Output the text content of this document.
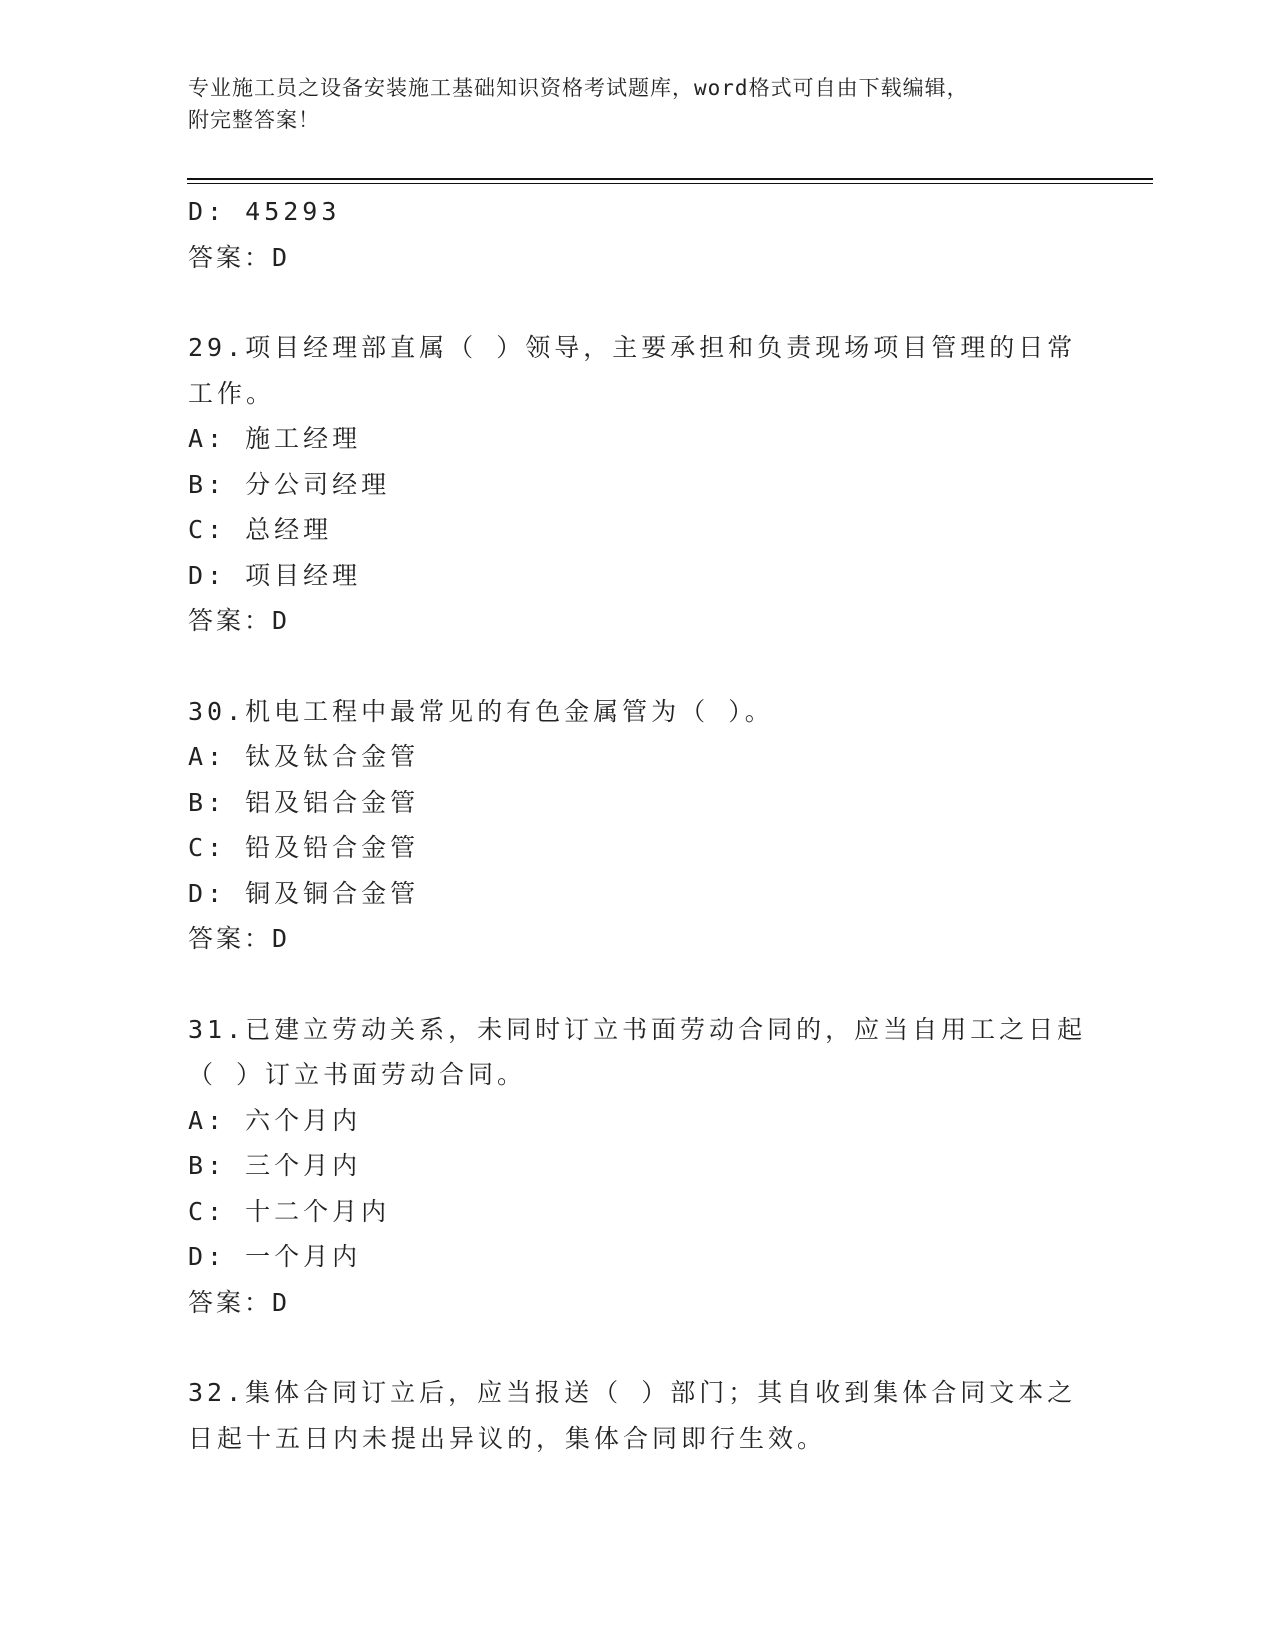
专业施工员之设备安装施工基础知识资格考试题库，word格式可自由下载编辑，
附完整答案！
D: 45293
答案：D
29.项目经理部直属（ ）领导，主要承担和负责现场项目管理的日常
工作。
A: 施工经理
B: 分公司经理
C: 总经理
D: 项目经理
答案：D
30.机电工程中最常见的有色金属管为（ ）。
A: 钛及钛合金管
B: 铝及铝合金管
C: 铅及铅合金管
D: 铜及铜合金管
答案：D
31.已建立劳动关系，未同时订立书面劳动合同的，应当自用工之日起
（ ）订立书面劳动合同。
A: 六个月内
B: 三个月内
C: 十二个月内
D: 一个月内
答案：D
32.集体合同订立后，应当报送（ ）部门；其自收到集体合同文本之
日起十五日内未提出异议的，集体合同即行生效。
